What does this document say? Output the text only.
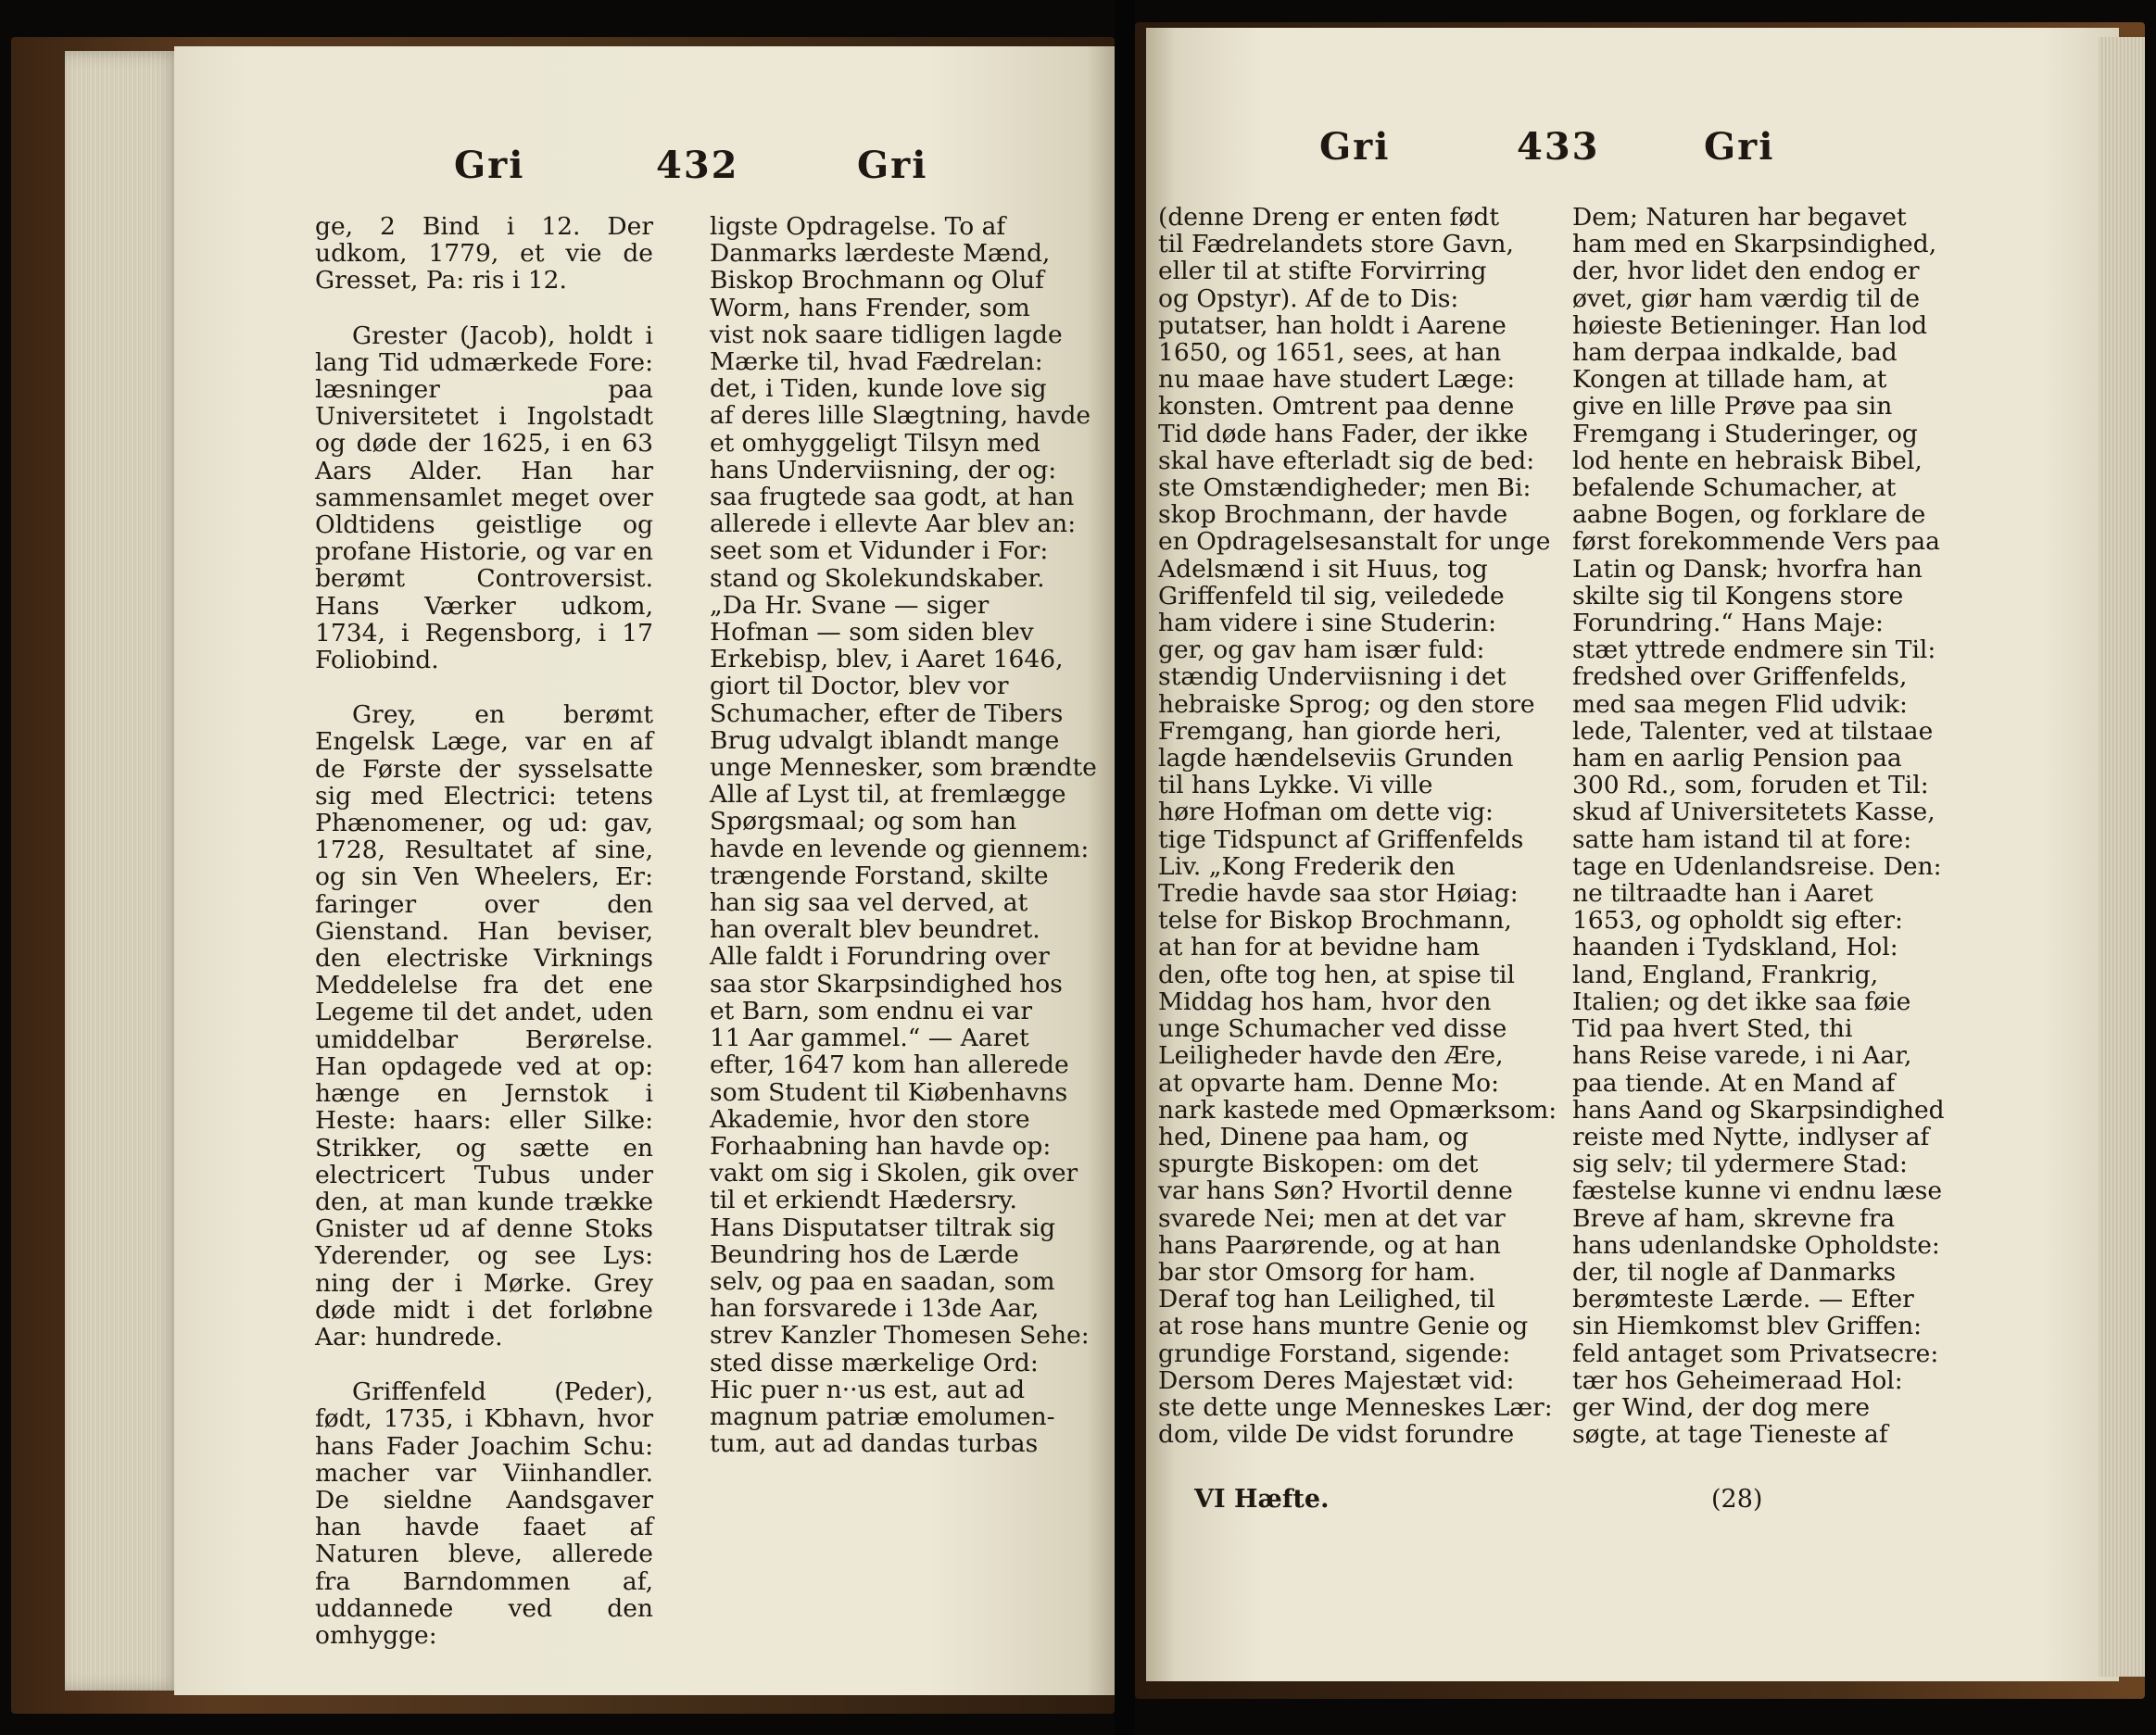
Gri	432	Gri

ge, 2 Bind i 12. Der udkom, 1779, et vie de Gresset, Pa: ris i 12.

Grester (Jacob), holdt i lang Tid udmærkede Fore: læsninger paa Universitetet i Ingolstadt og døde der 1625, i en 63 Aars Alder. Han har sammensamlet meget over Oldtidens geistlige og profane Historie, og var en berømt Controversist. Hans Værker udkom, 1734, i Regensborg, i 17 Foliobind.

Grey, en berømt Engelsk Læge, var en af de Første der sysselsatte sig med Electrici: tetens Phænomener, og ud: gav, 1728, Resultatet af sine, og sin Ven Wheelers, Er: faringer over den Gienstand. Han beviser, den electriske Virknings Meddelelse fra det ene Legeme til det andet, uden umiddelbar Berørelse. Han opdagede ved at op: hænge en Jernstok i Heste: haars: eller Silke: Strikker, og sætte en electricert Tubus under den, at man kunde trække Gnister ud af denne Stoks Yderender, og see Lys: ning der i Mørke. Grey døde midt i det forløbne Aar: hundrede.

Griffenfeld (Peder), født, 1735, i Kbhavn, hvor hans Fader Joachim Schu: macher var Viinhandler. De sieldne Aandsgaver han havde faaet af Naturen bleve, allerede fra Barndommen af, uddannede ved den omhygge:

ligste Opdragelse. To af
Danmarks lærdeste Mænd,
Biskop Brochmann og Oluf
Worm, hans Frender, som
vist nok saare tidligen lagde
Mærke til, hvad Fædrelan:
det, i Tiden, kunde love sig
af deres lille Slægtning, havde
et omhyggeligt Tilsyn med
hans Underviisning, der og:
saa frugtede saa godt, at han
allerede i ellevte Aar blev an:
seet som et Vidunder i For:
stand og Skolekundskaber.
„Da Hr. Svane — siger
Hofman — som siden blev
Erkebisp, blev, i Aaret 1646,
giort til Doctor, blev vor
Schumacher, efter de Tibers
Brug udvalgt iblandt mange
unge Mennesker, som brændte
Alle af Lyst til, at fremlægge
Spørgsmaal; og som han
havde en levende og giennem:
trængende Forstand, skilte
han sig saa vel derved, at
han overalt blev beundret.
Alle faldt i Forundring over
saa stor Skarpsindighed hos
et Barn, som endnu ei var
11 Aar gammel.“ — Aaret
efter, 1647 kom han allerede
som Student til Kiøbenhavns
Akademie, hvor den store
Forhaabning han havde op:
vakt om sig i Skolen, gik over
til et erkiendt Hædersry.
Hans Disputatser tiltrak sig
Beundring hos de Lærde
selv, og paa en saadan, som
han forsvarede i 13de Aar,
strev Kanzler Thomesen Sehe:
sted disse mærkelige Ord:
Hic puer n··us est, aut ad
magnum patriæ emolumen-
tum, aut ad dandas turbas
Gri	433	Gri
(denne Dreng er enten født
til Fædrelandets store Gavn,
eller til at stifte Forvirring
og Opstyr). Af de to Dis:
putatser, han holdt i Aarene
1650, og 1651, sees, at han
nu maae have studert Læge:
konsten. Omtrent paa denne
Tid døde hans Fader, der ikke
skal have efterladt sig de bed:
ste Omstændigheder; men Bi:
skop Brochmann, der havde
en Opdragelsesanstalt for unge
Adelsmænd i sit Huus, tog
Griffenfeld til sig, veiledede
ham videre i sine Studerin:
ger, og gav ham især fuld:
stændig Underviisning i det
hebraiske Sprog; og den store
Fremgang, han giorde heri,
lagde hændelseviis Grunden
til hans Lykke. Vi ville
høre Hofman om dette vig:
tige Tidspunct af Griffenfelds
Liv. „Kong Frederik den
Tredie havde saa stor Høiag:
telse for Biskop Brochmann,
at han for at bevidne ham
den, ofte tog hen, at spise til
Middag hos ham, hvor den
unge Schumacher ved disse
Leiligheder havde den Ære,
at opvarte ham. Denne Mo:
nark kastede med Opmærksom:
hed, Dinene paa ham, og
spurgte Biskopen: om det
var hans Søn? Hvortil denne
svarede Nei; men at det var
hans Paarørende, og at han
bar stor Omsorg for ham.
Deraf tog han Leilighed, til
at rose hans muntre Genie og
grundige Forstand, sigende:
Dersom Deres Majestæt vid:
ste dette unge Menneskes Lær:
dom, vilde De vidst forundre
Dem; Naturen har begavet
ham med en Skarpsindighed,
der, hvor lidet den endog er
øvet, giør ham værdig til de
høieste Betieninger. Han lod
ham derpaa indkalde, bad
Kongen at tillade ham, at
give en lille Prøve paa sin
Fremgang i Studeringer, og
lod hente en hebraisk Bibel,
befalende Schumacher, at
aabne Bogen, og forklare de
først forekommende Vers paa
Latin og Dansk; hvorfra han
skilte sig til Kongens store
Forundring.“ Hans Maje:
stæt yttrede endmere sin Til:
fredshed over Griffenfelds,
med saa megen Flid udvik:
lede, Talenter, ved at tilstaae
ham en aarlig Pension paa
300 Rd., som, foruden et Til:
skud af Universitetets Kasse,
satte ham istand til at fore:
tage en Udenlandsreise. Den:
ne tiltraadte han i Aaret
1653, og opholdt sig efter:
haanden i Tydskland, Hol:
land, England, Frankrig,
Italien; og det ikke saa føie
Tid paa hvert Sted, thi
hans Reise varede, i ni Aar,
paa tiende. At en Mand af
hans Aand og Skarpsindighed
reiste med Nytte, indlyser af
sig selv; til ydermere Stad:
fæstelse kunne vi endnu læse
Breve af ham, skrevne fra
hans udenlandske Opholdste:
der, til nogle af Danmarks
berømteste Lærde. — Efter
sin Hiemkomst blev Griffen:
feld antaget som Privatsecre:
tær hos Geheimeraad Hol:
ger Wind, der dog mere
søgte, at tage Tieneste af
VI Hæfte.	(28)
